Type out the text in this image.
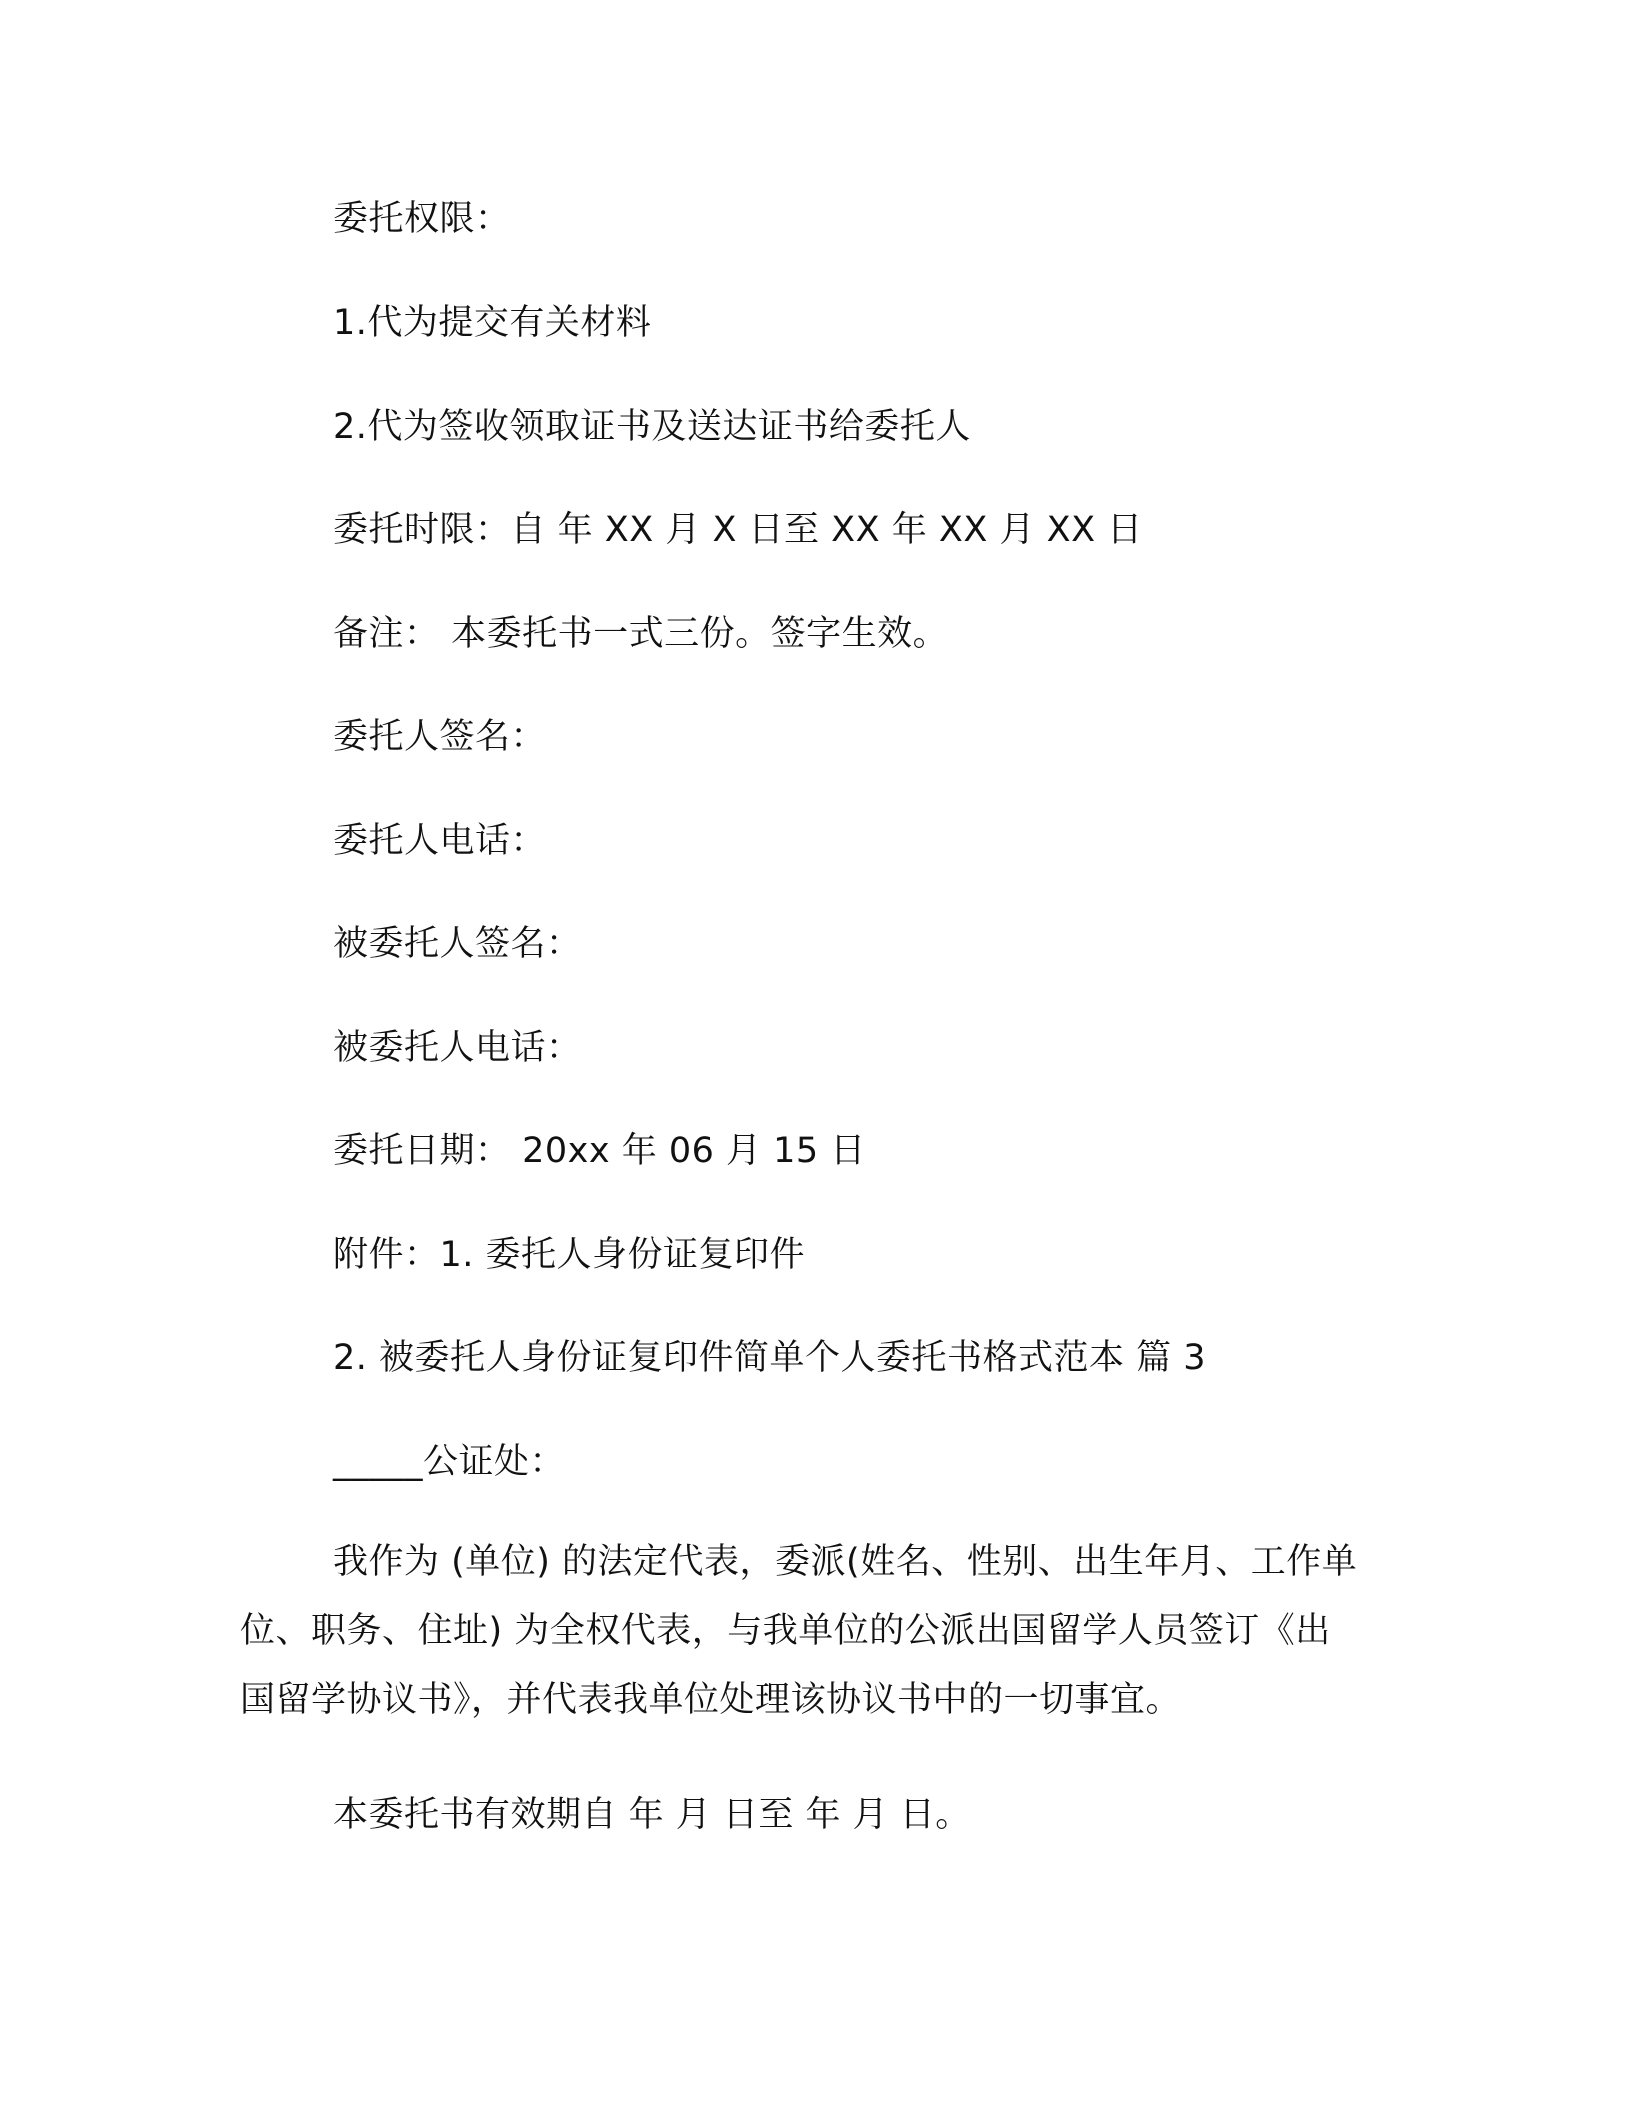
委托权限：
1.代为提交有关材料
2.代为签收领取证书及送达证书给委托人
委托时限：自 年 XX 月 X 日至 XX 年 XX 月 XX 日
备注： 本委托书一式三份。签字生效。
委托人签名：
委托人电话：
被委托人签名：
被委托人电话：
委托日期： 20xx 年 06 月 15 日
附件：1. 委托人身份证复印件
2. 被委托人身份证复印件简单个人委托书格式范本 篇 3
_____公证处：
我作为 (单位) 的法定代表，委派(姓名、性别、出生年月、工作单位、职务、住址) 为全权代表，与我单位的公派出国留学人员签订《出国留学协议书》，并代表我单位处理该协议书中的一切事宜。
本委托书有效期自 年 月 日至 年 月 日。
